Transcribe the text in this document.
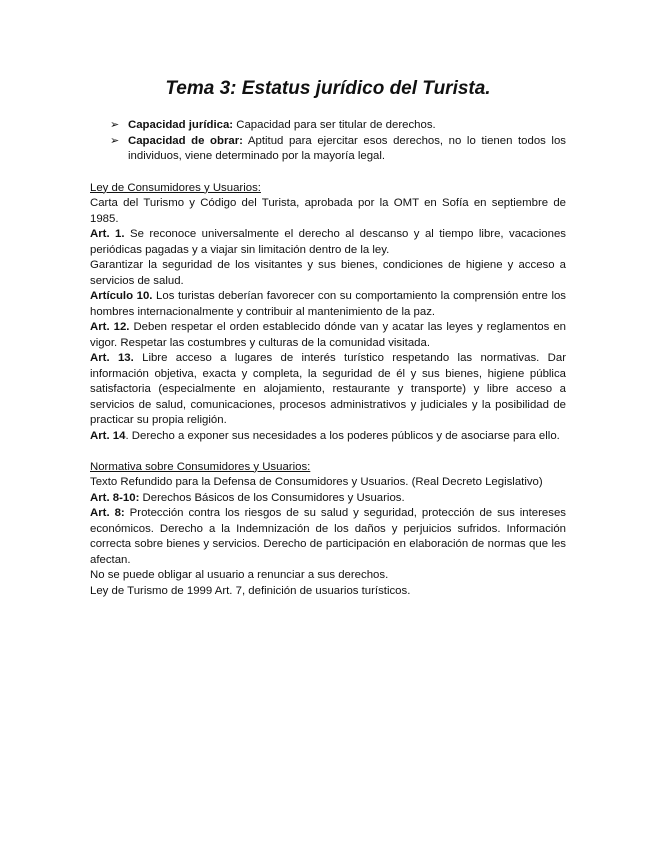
Tema 3: Estatus jurídico del Turista.
➢ Capacidad jurídica: Capacidad para ser titular de derechos.
➢ Capacidad de obrar: Aptitud para ejercitar esos derechos, no lo tienen todos los individuos, viene determinado por la mayoría legal.

Ley de Consumidores y Usuarios:

Carta del Turismo y Código del Turista, aprobada por la OMT en Sofía en septiembre de 1985.

Art. 1. Se reconoce universalmente el derecho al descanso y al tiempo libre, vacaciones periódicas pagadas y a viajar sin limitación dentro de la ley.

Garantizar la seguridad de los visitantes y sus bienes, condiciones de higiene y acceso a servicios de salud.

Artículo 10. Los turistas deberían favorecer con su comportamiento la comprensión entre los hombres internacionalmente y contribuir al mantenimiento de la paz.

Art. 12. Deben respetar el orden establecido dónde van y acatar las leyes y reglamentos en vigor. Respetar las costumbres y culturas de la comunidad visitada.

Art. 13. Libre acceso a lugares de interés turístico respetando las normativas. Dar información objetiva, exacta y completa, la seguridad de él y sus bienes, higiene pública satisfactoria (especialmente en alojamiento, restaurante y transporte) y libre acceso a servicios de salud, comunicaciones, procesos administrativos y judiciales y la posibilidad de practicar su propia religión.

Art. 14. Derecho a exponer sus necesidades a los poderes públicos y de asociarse para ello.

Normativa sobre Consumidores y Usuarios:

Texto Refundido para la Defensa de Consumidores y Usuarios. (Real Decreto Legislativo)

Art. 8-10: Derechos Básicos de los Consumidores y Usuarios.

Art. 8: Protección contra los riesgos de su salud y seguridad, protección de sus intereses económicos. Derecho a la Indemnización de los daños y perjuicios sufridos. Información correcta sobre bienes y servicios. Derecho de participación en elaboración de normas que les afectan.

No se puede obligar al usuario a renunciar a sus derechos.

Ley de Turismo de 1999 Art. 7, definición de usuarios turísticos.
